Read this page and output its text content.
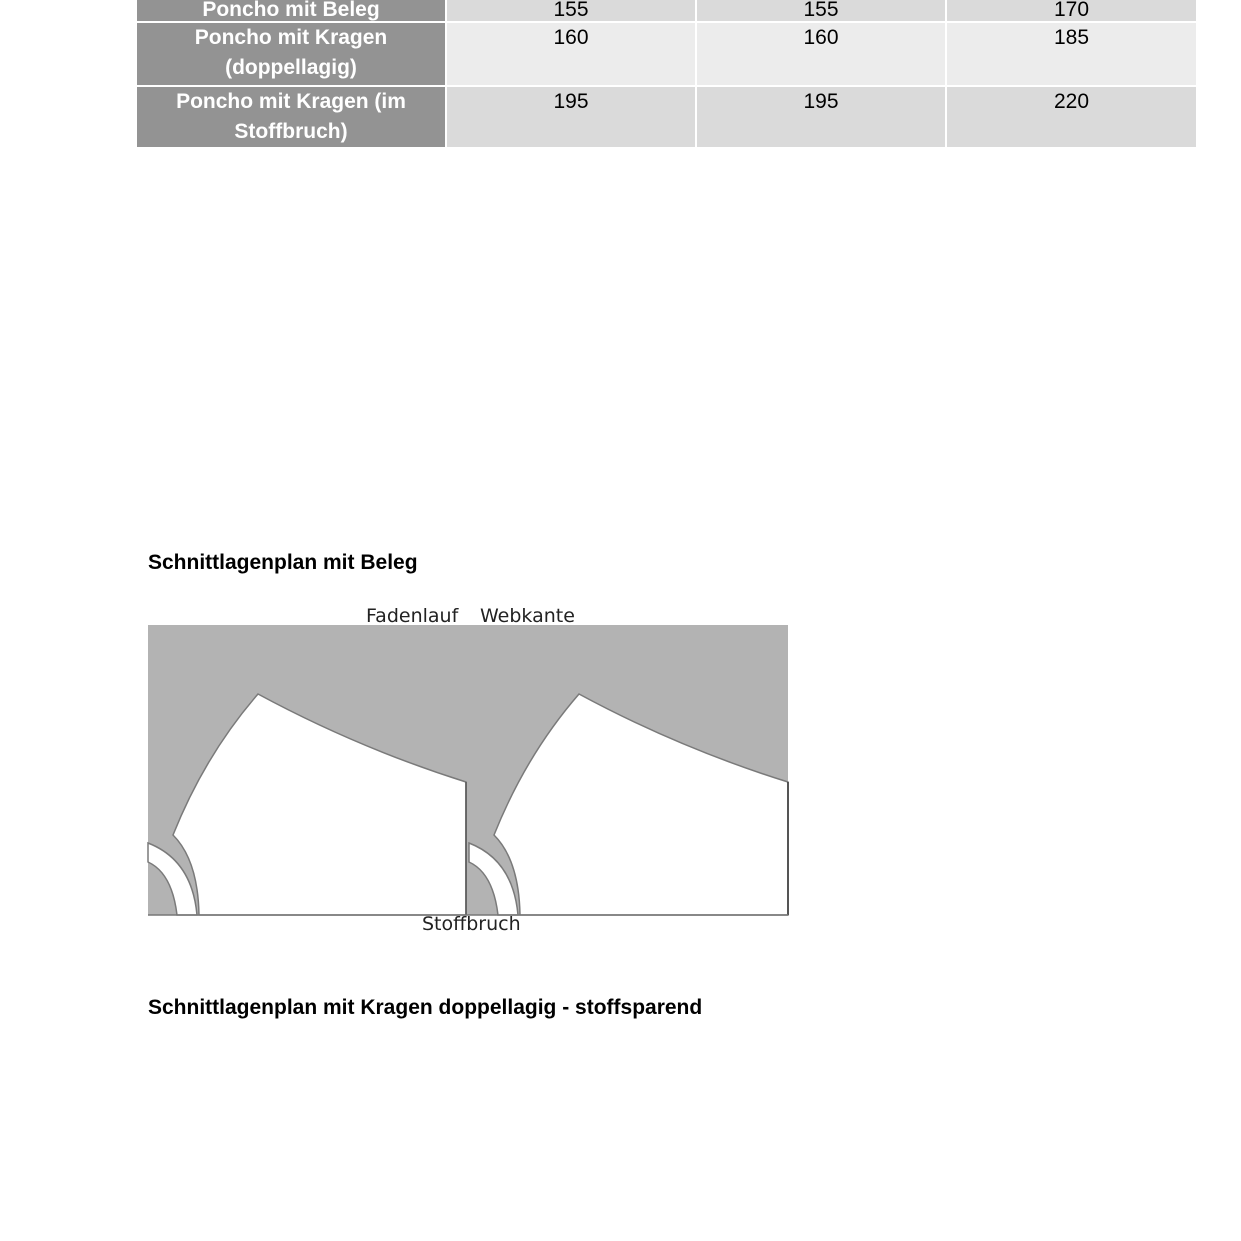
Poncho mit Beleg	155	155	170
Poncho mit Kragen (doppellagig)	160	160	185
Poncho mit Kragen (im Stoffbruch)	195	195	220
Schnittlagenplan mit Beleg
Fadenlauf Webkante
Stoffbruch
Schnittlagenplan mit Kragen doppellagig - stoffsparend
